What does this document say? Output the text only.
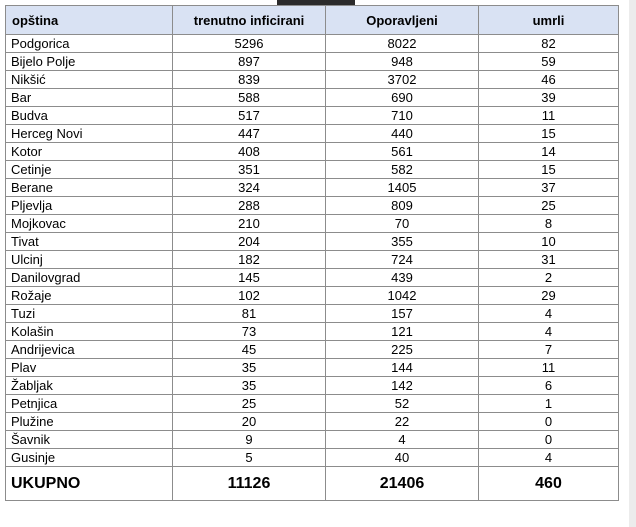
opština	trenutno inficirani	Oporavljeni	umrli
Podgorica	5296	8022	82
Bijelo Polje	897	948	59
Nikšić	839	3702	46
Bar	588	690	39
Budva	517	710	11
Herceg Novi	447	440	15
Kotor	408	561	14
Cetinje	351	582	15
Berane	324	1405	37
Pljevlja	288	809	25
Mojkovac	210	70	8
Tivat	204	355	10
Ulcinj	182	724	31
Danilovgrad	145	439	2
Rožaje	102	1042	29
Tuzi	81	157	4
Kolašin	73	121	4
Andrijevica	45	225	7
Plav	35	144	11
Žabljak	35	142	6
Petnjica	25	52	1
Plužine	20	22	0
Šavnik	9	4	0
Gusinje	5	40	4
UKUPNO	11126	21406	460
